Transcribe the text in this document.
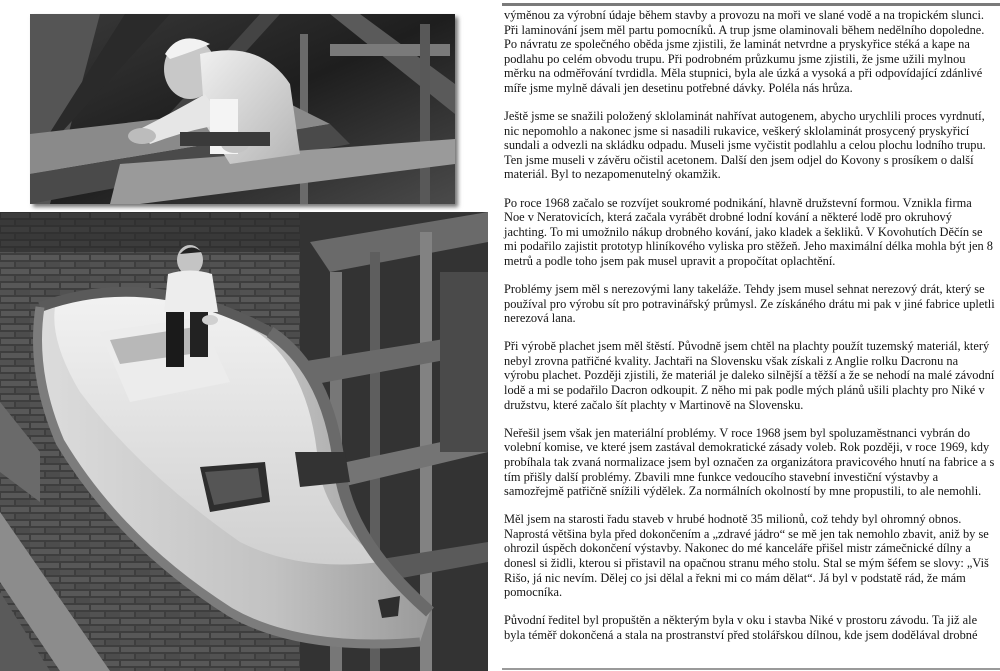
výměnou za výrobní údaje během stavby a provozu na moři ve slané vodě a na tropickém slunci. Při laminování jsem měl partu pomocníků. A trup jsme olaminovali během nedělního dopoledne. Po návratu ze společného oběda jsme zjistili, že laminát netvrdne a pryskyřice stéká a kape na podlahu po celém obvodu trupu. Při podrobném průzkumu jsme zjistili, že jsme užili mylnou měrku na odměřování tvrdidla. Měla stupnici, byla ale úzká a vysoká a při odpovídající zdánlivé míře jsme mylně dávali jen desetinu potřebné dávky. Poléla nás hrůza.

Ještě jsme se snažili položený sklolaminát nahřívat autogenem, abycho urychlili proces vyrdnutí, nic nepomohlo a nakonec jsme si nasadili rukavice, veškerý sklolaminát prosycený pryskyřicí sundali a odvezli na skládku odpadu. Museli jsme vyčistit podlahlu a celou plochu lodního trupu. Ten jsme museli v závěru očistil acetonem. Další den jsem odjel do Kovony s prosíkem o další materiál. Byl to nezapomenutelný okamžik.

Po roce 1968 začalo se rozvíjet soukromé podnikání, hlavně družstevní formou. Vznikla firma Noe v Neratovicích, která začala vyrábět drobné lodní kování a některé lodě pro okruhový jachting. To mi umožnilo nákup drobného kování, jako kladek a šekliků. V Kovohutích Děčín se mi podařilo zajistit prototyp hliníkového vyliska pro stěžeň. Jeho maximální délka mohla být jen 8 metrů a podle toho jsem pak musel upravit a propočítat oplachtění.

Problémy jsem měl s nerezovými lany takeláže. Tehdy jsem musel sehnat nerezový drát, který se používal pro výrobu sít pro potravinářský průmysl. Ze získáného drátu mi pak v jiné fabrice upletli nerezová lana.

Při výrobě plachet jsem měl štěstí. Původně jsem chtěl na plachty použít tuzemský materiál, který nebyl zrovna patřičné kvality. Jachtaři na Slovensku však získali z Anglie rolku Dacronu na výrobu plachet. Později zjistili, že materiál je daleko silnější a těžší a že se nehodí na malé závodní lodě a mi se podařilo Dacron odkoupit. Z něho mi pak podle mých plánů ušili plachty pro Niké v družstvu, které začalo šít plachty v Martinově na Slovensku.

Neřešil jsem však jen materiální problémy. V roce 1968 jsem byl spoluzaměstnanci vybrán do volební komise, ve které jsem zastával demokratické zásady voleb. Rok později, v roce 1969, kdy probíhala tak zvaná normalizace jsem byl označen za organizátora pravicového hnutí na fabrice a s tím přišly další problémy. Zbavili mne funkce vedoucího stavební investiční výstavby a samozřejmě patřičně snížili výdělek. Za normálních okolností by mne propustili, to ale nemohli.

Měl jsem na starosti řadu staveb v hrubé hodnotě 35 milionů, což tehdy byl ohromný obnos. Naprostá většina byla před dokončením a „zdravé jádro“ se mě jen tak nemohlo zbavit, aniž by se ohrozil úspěch dokončení výstavby. Nakonec do mé kanceláře přišel mistr zámečnické dílny a donesl si židli, kterou si přistavil na opačnou stranu mého stolu. Stal se mým šéfem se slovy: „Viš Rišo, já nic nevím. Dělej co jsi dělal a řekni mi co mám dělat“. Já byl v podstatě rád, že mám pomocníka.

Původní ředitel byl propuštěn a některým byla v oku i stavba Niké v prostoru závodu. Ta již ale byla téměř dokončená a stala na prostranství před stolářskou dílnou, kde jsem dodělával drobné
